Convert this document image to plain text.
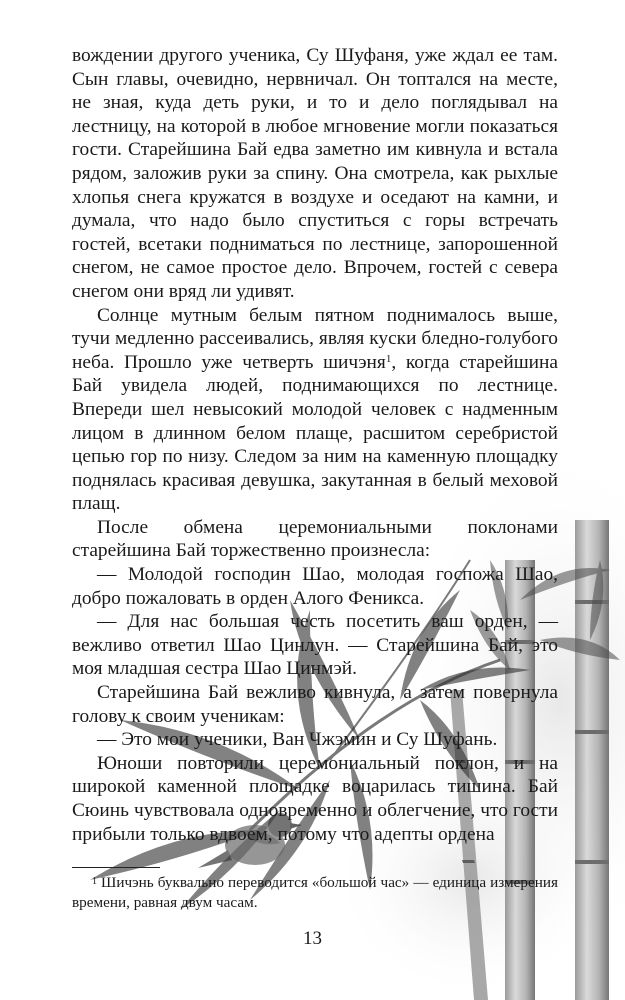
вождении другого ученика, Су Шуфаня, уже ждал ее там. Сын главы, очевидно, нервничал. Он топтался на месте, не зная, куда деть руки, и то и дело поглядывал на лестницу, на которой в любое мгновение могли показаться гости. Старейшина Бай едва заметно им кивнула и встала рядом, заложив руки за спину. Она смотрела, как рыхлые хлопья снега кружатся в воздухе и оседают на камни, и думала, что надо было спуститься с горы встречать гостей, всетаки подниматься по лестнице, запорошенной снегом, не самое простое дело. Впрочем, гостей с севера снегом они вряд ли удивят.

Солнце мутным белым пятном поднималось выше, тучи медленно рассеивались, являя куски бледно-голубого неба. Прошло уже четверть шичэня$^1$, когда старейшина Бай увидела людей, поднимающихся по лестнице. Впереди шел невысокий молодой человек с надменным лицом в длинном белом плаще, расшитом серебристой цепью гор по низу. Следом за ним на каменную площадку поднялась красивая девушка, закутанная в белый меховой плащ.

После обмена церемониальными поклонами старейшина Бай торжественно произнесла:

— Молодой господин Шао, молодая госпожа Шао, добро пожаловать в орден Алого Феникса.

— Для нас большая честь посетить ваш орден, — вежливо ответил Шао Цинлун. — Старейшина Бай, это моя младшая сестра Шао Цинмэй.

Старейшина Бай вежливо кивнула, а затем повернула голову к своим ученикам:

— Это мои ученики, Ван Чжэмин и Су Шуфань.

Юноши повторили церемониальный поклон, и на широкой каменной площадке воцарилась тишина. Бай Сюинь чувствовала одновременно и облегчение, что гости прибыли только вдвоем, потому что адепты ордена

$^1$ Шичэнь буквально переводится «большой час» — единица измерения времени, равная двум часам.

13
